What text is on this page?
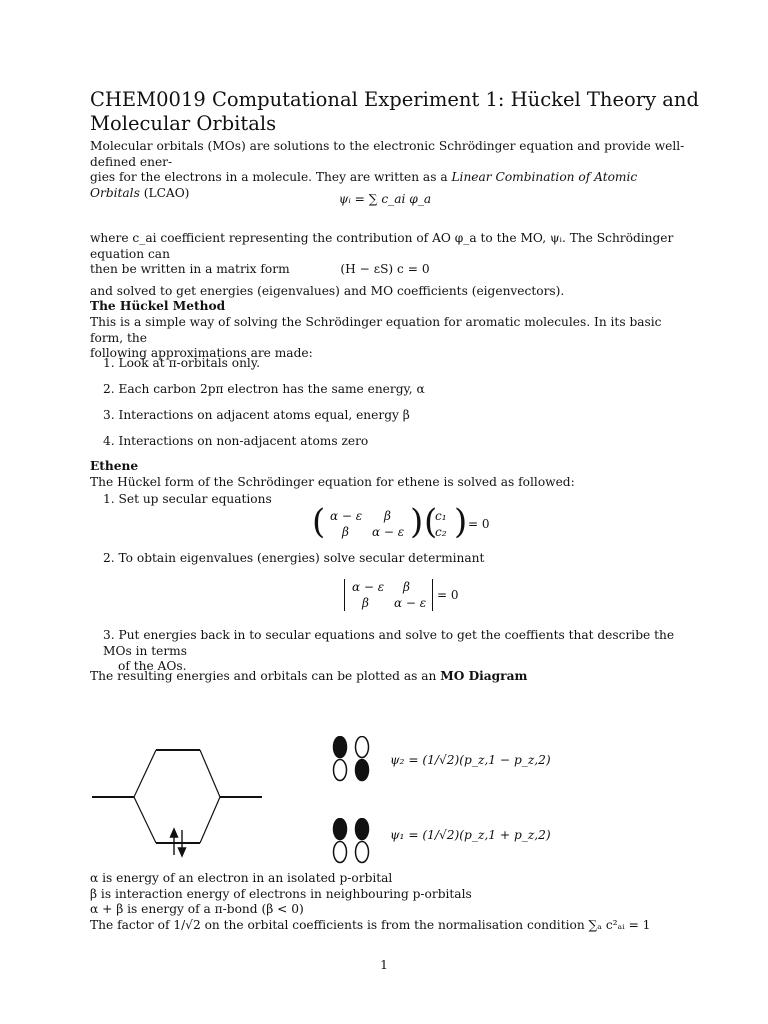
CHEM0019 Computational Experiment 1: Hückel Theory and Molecular Orbitals
Molecular orbitals (MOs) are solutions to the electronic Schrödinger equation and provide well-defined ener-
gies for the electrons in a molecule. They are written as a Linear Combination of Atomic Orbitals (LCAO)	ψᵢ = ∑ c_ai φ_a
where c_ai coefficient representing the contribution of AO φ_a to the MO, ψᵢ. The Schrödinger equation can
then be written in a matrix form	(H − εS) c = 0
and solved to get energies (eigenvalues) and MO coefficients (eigenvectors).
The Hückel Method
This is a simple way of solving the Schrödinger equation for aromatic molecules. In its basic form, the
following approximations are made:
1. Look at π-orbitals only.
2. Each carbon 2pπ electron has the same energy, α
3. Interactions on adjacent atoms equal, energy β
4. Interactions on non-adjacent atoms zero
Ethene
The Hückel form of the Schrödinger equation for ethene is solved as followed:
1. Set up secular equations
( α − ε β
β α − ε ) (
c₁
c₂ ) = 0
2. To obtain eigenvalues (energies) solve secular determinant
α − ε β
β α − ε
= 0
3. Put energies back in to secular equations and solve to get the coeffients that describe the MOs in terms
of the AOs.
The resulting energies and orbitals can be plotted as an MO Diagram
ψ₂ = (1/√2)(p_z,1 − p_z,2)
ψ₁ = (1/√2)(p_z,1 + p_z,2)
α is energy of an electron in an isolated p-orbital
β is interaction energy of electrons in neighbouring p-orbitals
α + β is energy of a π-bond (β < 0)
The factor of 1/√2 on the orbital coefficients is from the normalisation condition ∑ₐ c²ₐᵢ = 1
1
